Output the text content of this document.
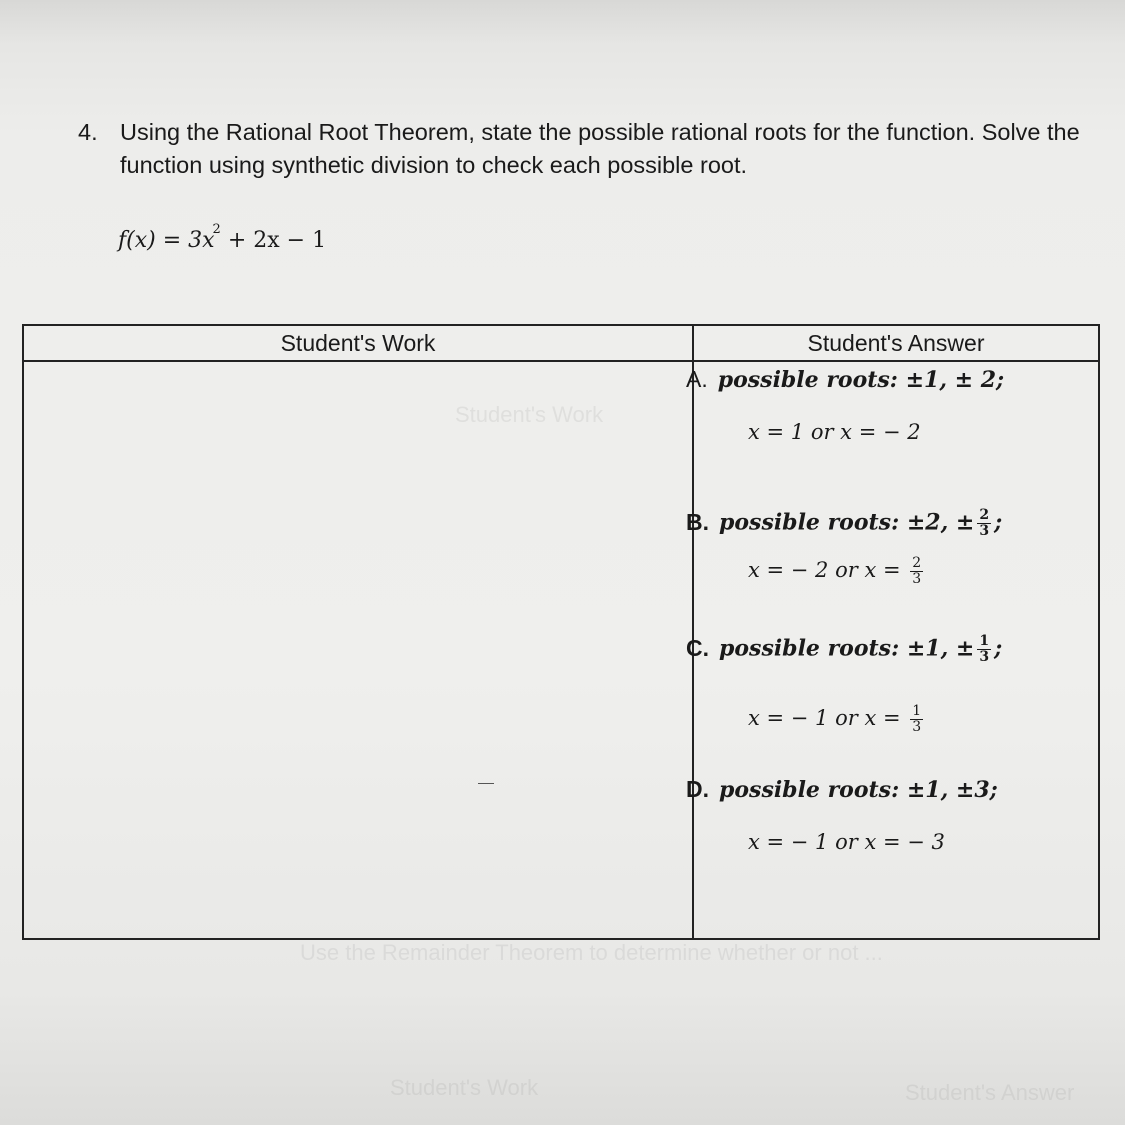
Student's Work
Use the Remainder Theorem to determine whether or not ...
Student's Work	Student's Answer
4. Using the Rational Root Theorem, state the possible rational roots for the function. Solve the function using synthetic division to check each possible root.
$f(x) = 3x^2 + 2x - 1$
Student's Work	Student's Answer
A. possible roots: ±1, ± 2;
x = 1 or x = − 2
B. possible roots: ±2, ± $\frac{2}{3}$ ;
x = − 2 or $x = \frac{2}{3}$
C. possible roots: ±1, ± $\frac{1}{3}$ ;
x = − 1 or $x = \frac{1}{3}$
D. possible roots: ±1, ±3;
x = − 1 or x = − 3
